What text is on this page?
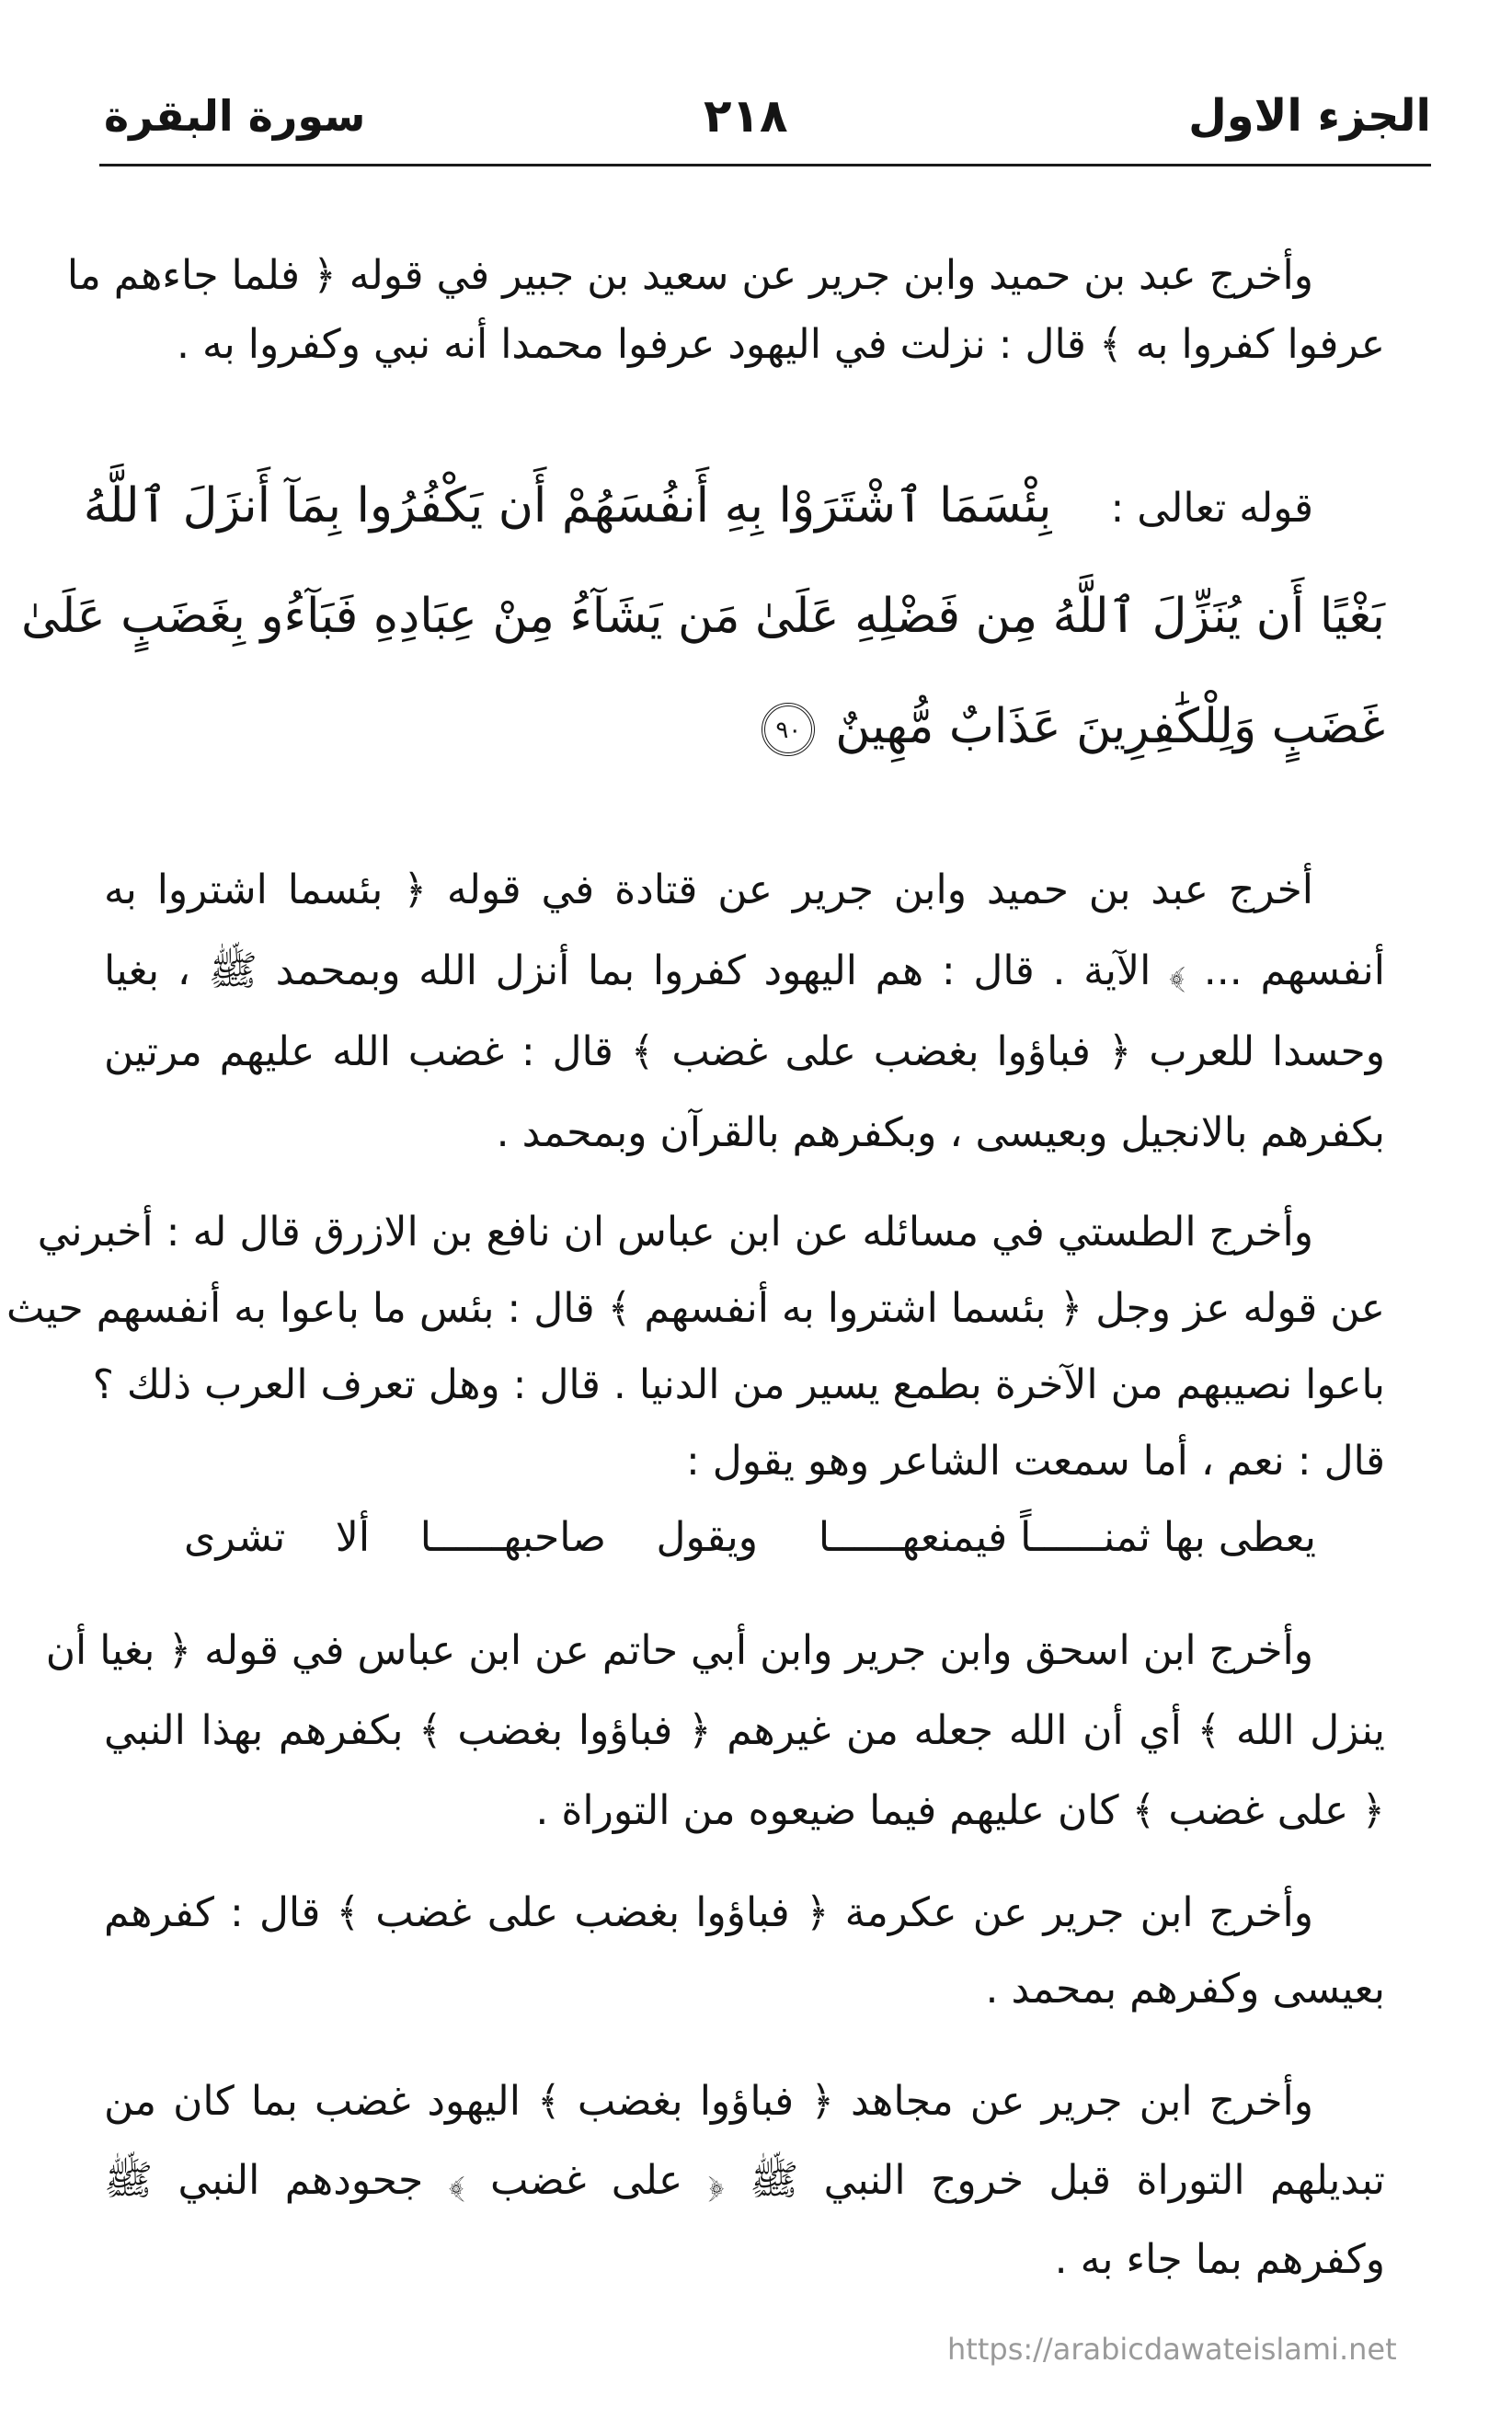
الجزء الاول
٢١٨
سورة البقرة
وأخرج عبد بن حميد وابن جرير عن سعيد بن جبير في قوله ﴿ فلما جاءهم ما
عرفوا كفروا به ﴾ قال : نزلت في اليهود عرفوا محمدا أنه نبي وكفروا به .
قوله تعالى :
بِئْسَمَا ٱشْتَرَوْا بِهِ أَنفُسَهُمْ أَن يَكْفُرُوا بِمَآ أَنزَلَ ٱللَّهُ
بَغْيًا أَن يُنَزِّلَ ٱللَّهُ مِن فَضْلِهِ عَلَىٰ مَن يَشَآءُ مِنْ عِبَادِهِ فَبَآءُو بِغَضَبٍ عَلَىٰ
غَضَبٍ وَلِلْكَٰفِرِينَ عَذَابٌ مُّهِينٌ٩٠
أخرج عبد بن حميد وابن جرير عن قتادة في قوله ﴿ بئسما اشتروا به
أنفسهم ... ﴾ الآية . قال : هم اليهود كفروا بما أنزل الله وبمحمد ﷺ ، بغيا
وحسدا للعرب ﴿ فباؤوا بغضب على غضب ﴾ قال : غضب الله عليهم مرتين
بكفرهم بالانجيل وبعيسى ، وبكفرهم بالقرآن وبمحمد .
وأخرج الطستي في مسائله عن ابن عباس ان نافع بن الازرق قال له : أخبرني
عن قوله عز وجل ﴿ بئسما اشتروا به أنفسهم ﴾ قال : بئس ما باعوا به أنفسهم حيث
باعوا نصيبهم من الآخرة بطمع يسير من الدنيا . قال : وهل تعرف العرب ذلك ؟
قال : نعم ، أما سمعت الشاعر وهو يقول :
يعطى بها ثمنــــــاً فيمنعهــــــا
ويقول صاحبهــــــا ألا تشرى
وأخرج ابن اسحق وابن جرير وابن أبي حاتم عن ابن عباس في قوله ﴿ بغيا أن
ينزل الله ﴾ أي أن الله جعله من غيرهم ﴿ فباؤوا بغضب ﴾ بكفرهم بهذا النبي
﴿ على غضب ﴾ كان عليهم فيما ضيعوه من التوراة .
وأخرج ابن جرير عن عكرمة ﴿ فباؤوا بغضب على غضب ﴾ قال : كفرهم
بعيسى وكفرهم بمحمد .
وأخرج ابن جرير عن مجاهد ﴿ فباؤوا بغضب ﴾ اليهود غضب بما كان من
تبديلهم التوراة قبل خروج النبي ﷺ ﴿ على غضب ﴾ جحودهم النبي ﷺ
وكفرهم بما جاء به .
https://arabicdawateislami.net
